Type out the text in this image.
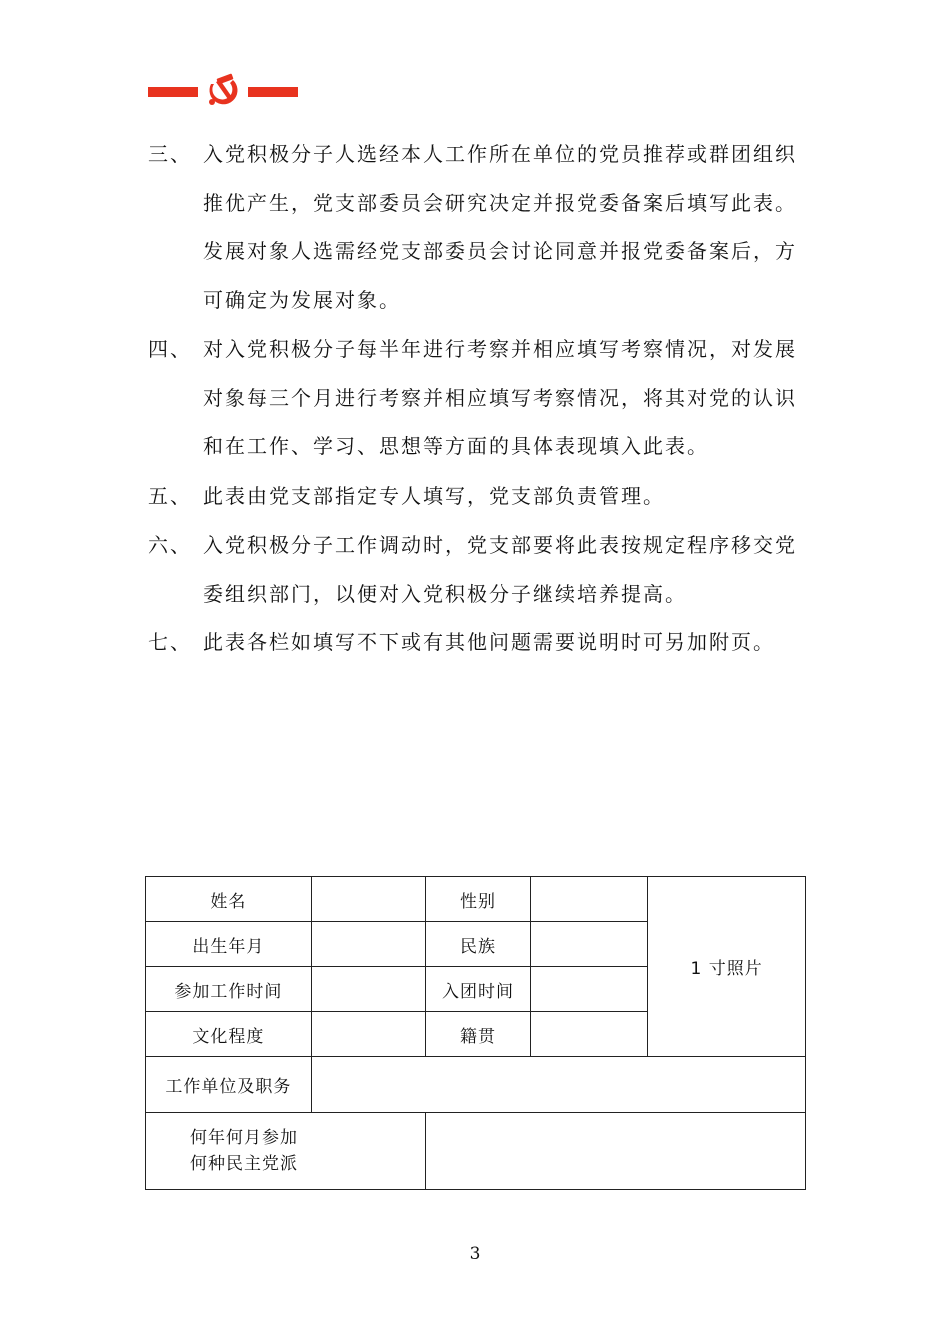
三、 入党积极分子人选经本人工作所在单位的党员推荐或群团组织
推优产生，党支部委员会研究决定并报党委备案后填写此表。
发展对象人选需经党支部委员会讨论同意并报党委备案后，方
可确定为发展对象。
四、 对入党积极分子每半年进行考察并相应填写考察情况，对发展
对象每三个月进行考察并相应填写考察情况，将其对党的认识
和在工作、学习、思想等方面的具体表现填入此表。
五、 此表由党支部指定专人填写，党支部负责管理。
六、 入党积极分子工作调动时，党支部要将此表按规定程序移交党
委组织部门，以便对入党积极分子继续培养提高。
七、 此表各栏如填写不下或有其他问题需要说明时可另加附页。
姓名		性别		1 寸照片
出生年月		民族		
参加工作时间		入团时间		
文化程度		籍贯		
工作单位及职务				

何年何月参加
何种民主党派				

3
